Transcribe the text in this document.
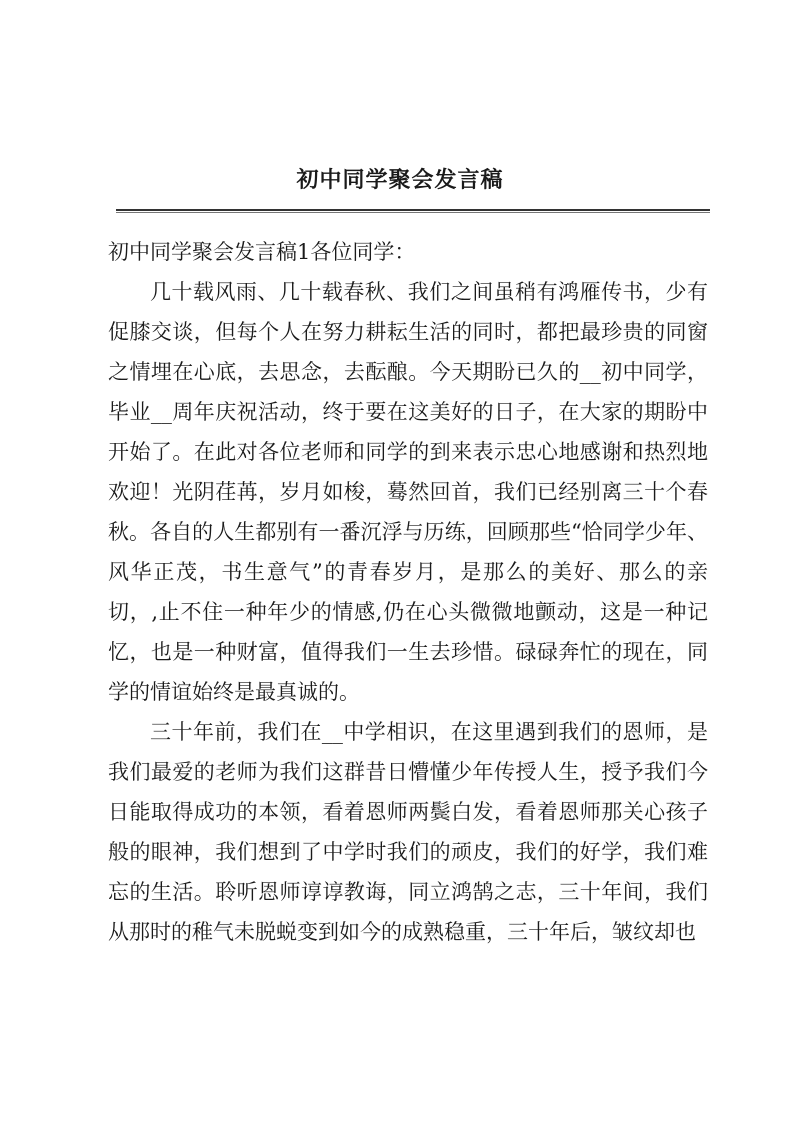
初中同学聚会发言稿

初中同学聚会发言稿1各位同学：

几十载风雨、几十载春秋、我们之间虽稍有鸿雁传书，少有促膝交谈，但每个人在努力耕耘生活的同时，都把最珍贵的同窗之情埋在心底，去思念，去酝酿。今天期盼已久的__初中同学，毕业__周年庆祝活动，终于要在这美好的日子，在大家的期盼中开始了。在此对各位老师和同学的到来表示忠心地感谢和热烈地欢迎！光阴荏苒，岁月如梭，蓦然回首，我们已经别离三十个春秋。各自的人生都别有一番沉浮与历练，回顾那些“恰同学少年、风华正茂，书生意气”的青春岁月，是那么的美好、那么的亲切，,止不住一种年少的情感,仍在心头微微地颤动，这是一种记忆，也是一种财富，值得我们一生去珍惜。碌碌奔忙的现在，同学的情谊始终是最真诚的。

三十年前，我们在__中学相识，在这里遇到我们的恩师，是我们最爱的老师为我们这群昔日懵懂少年传授人生，授予我们今日能取得成功的本领，看着恩师两鬓白发，看着恩师那关心孩子般的眼神，我们想到了中学时我们的顽皮，我们的好学，我们难忘的生活。聆听恩师谆谆教诲，同立鸿鹄之志，三十年间，我们从那时的稚气未脱蜕变到如今的成熟稳重，三十年后，皱纹却也
